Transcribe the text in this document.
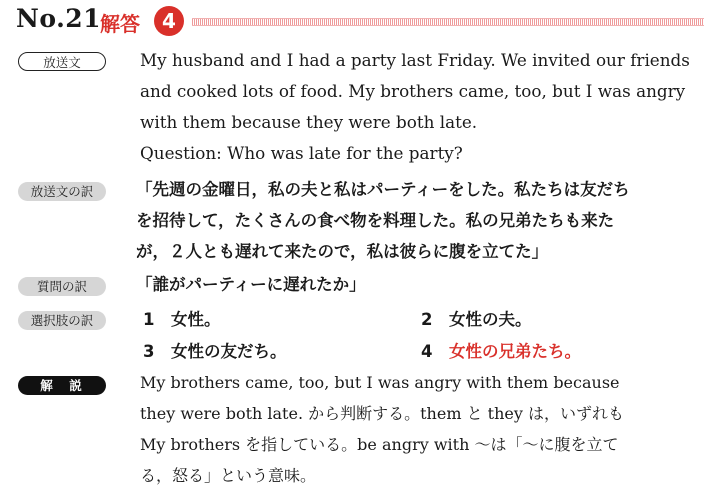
No.21
解答	4
放送文	My husband and I had a party last Friday. We invited our friends and cooked lots of food. My brothers came, too, but I was angry with them because they were both late.
Question: Who was late for the party?
放送文の訳	「先週の金曜日，私の夫と私はパーティーをした。私たちは友だち
を招待して，たくさんの食べ物を料理した。私の兄弟たちも来た
が，２人とも遅れて来たので，私は彼らに腹を立てた」
質問の訳	「誰がパーティーに遅れたか」
選択肢の訳	1 女性。	2 女性の夫。
3 女性の友だち。	4 女性の兄弟たち。
解　説	My brothers came, too, but I was angry with them because
they were both late. から判断する。them と they は，いずれも
My brothers を指している。be angry with ～は「～に腹を立て
る，怒る」という意味。
